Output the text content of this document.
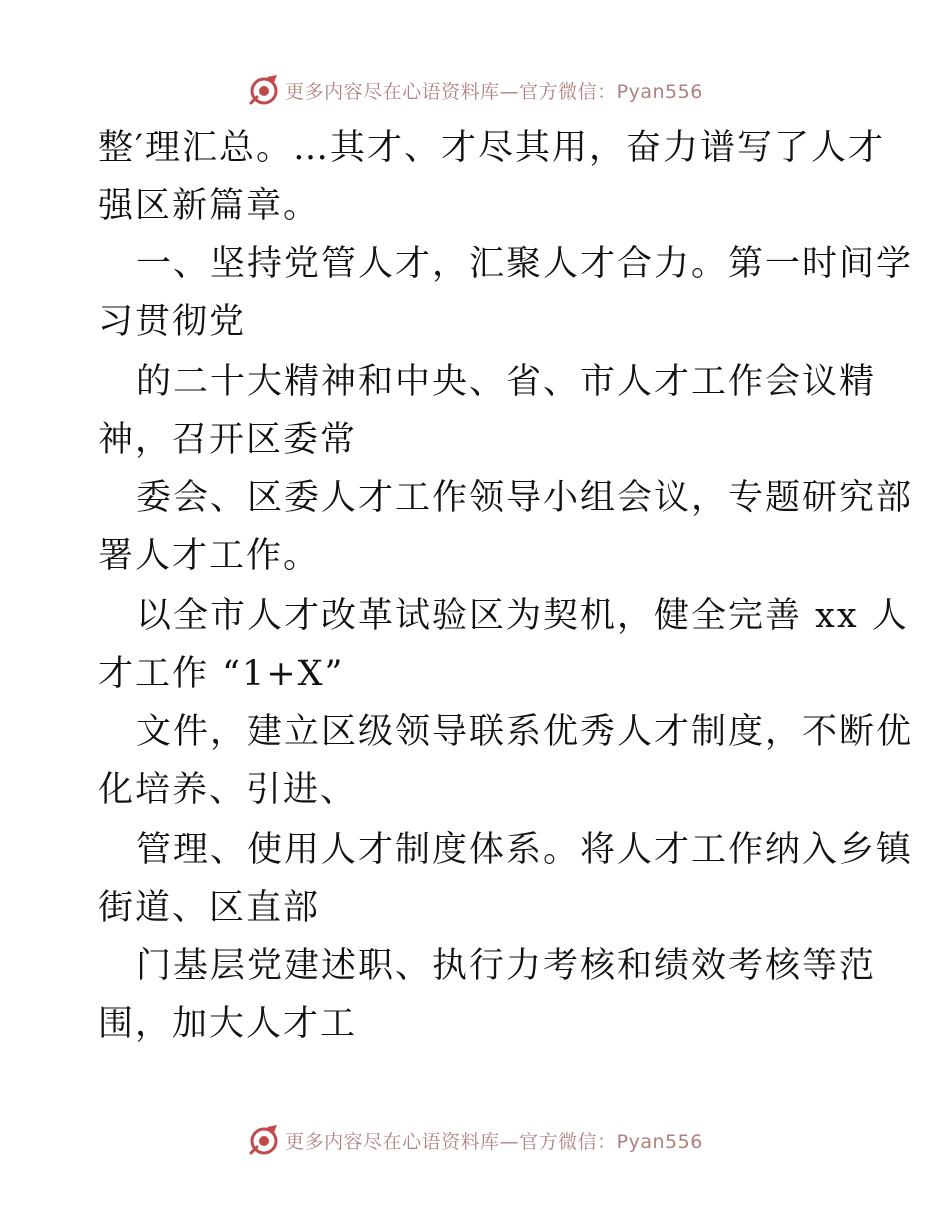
更多内容尽在心语资料库—官方微信：Pyan556
整′理汇总。…其才、才尽其用，奋力谱写了人才
强区新篇章。
一、坚持党管人才，汇聚人才合力。第一时间学
习贯彻党
的二十大精神和中央、省、市人才工作会议精
神，召开区委常
委会、区委人才工作领导小组会议，专题研究部
署人才工作。
以全市人才改革试验区为契机，健全完善 xx 人
才工作 “1+X”
文件，建立区级领导联系优秀人才制度，不断优
化培养、引进、
管理、使用人才制度体系。将人才工作纳入乡镇
街道、区直部
门基层党建述职、执行力考核和绩效考核等范
围，加大人才工
更多内容尽在心语资料库—官方微信：Pyan556
